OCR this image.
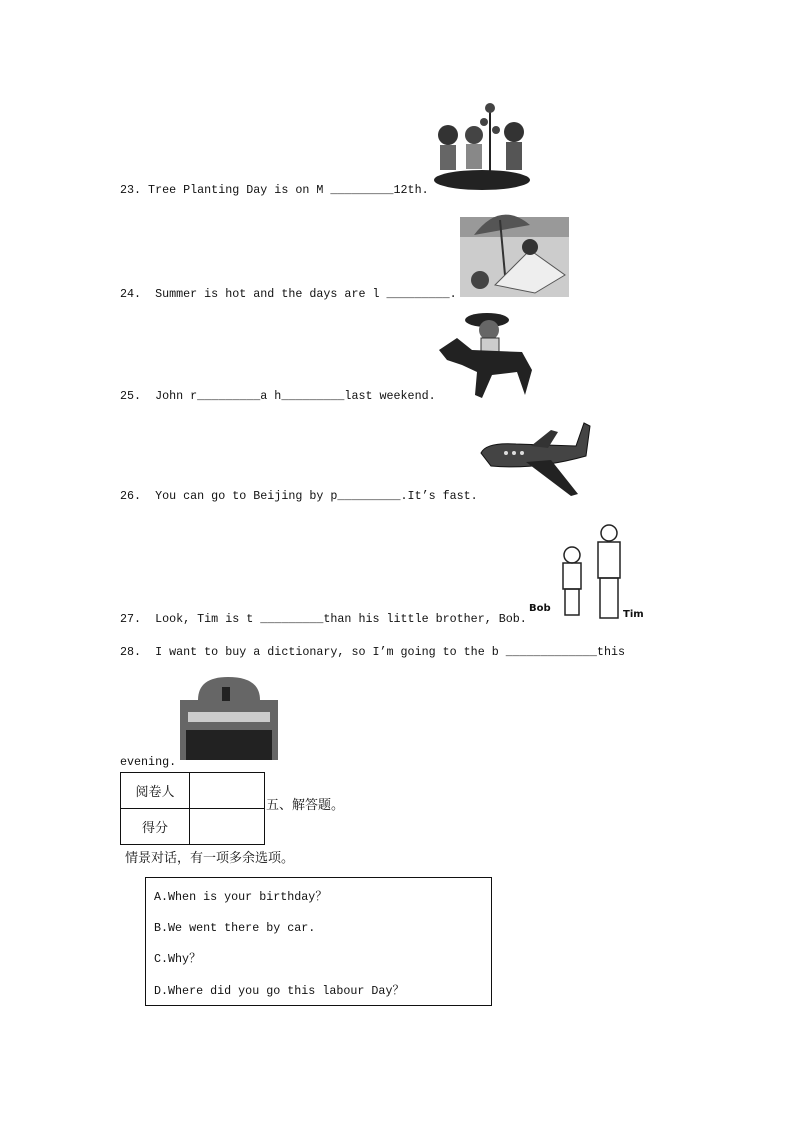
23. Tree Planting Day is on M _________12th.
24.  Summer is hot and the days are l _________.
25.  John r_________a h_________last weekend.
26.  You can go to Beijing by p_________.It’s fast.
27.  Look, Tim is t _________than his little brother, Bob.
28.  I want to buy a dictionary, so I’m going to the b _____________this
evening.
Bob
Tim
阅卷人	
得分	
五、解答题。
情景对话，有一项多余选项。
A.When is your birthday？
B.We went there by car.
C.Why？
D.Where did you go this labour Day？
